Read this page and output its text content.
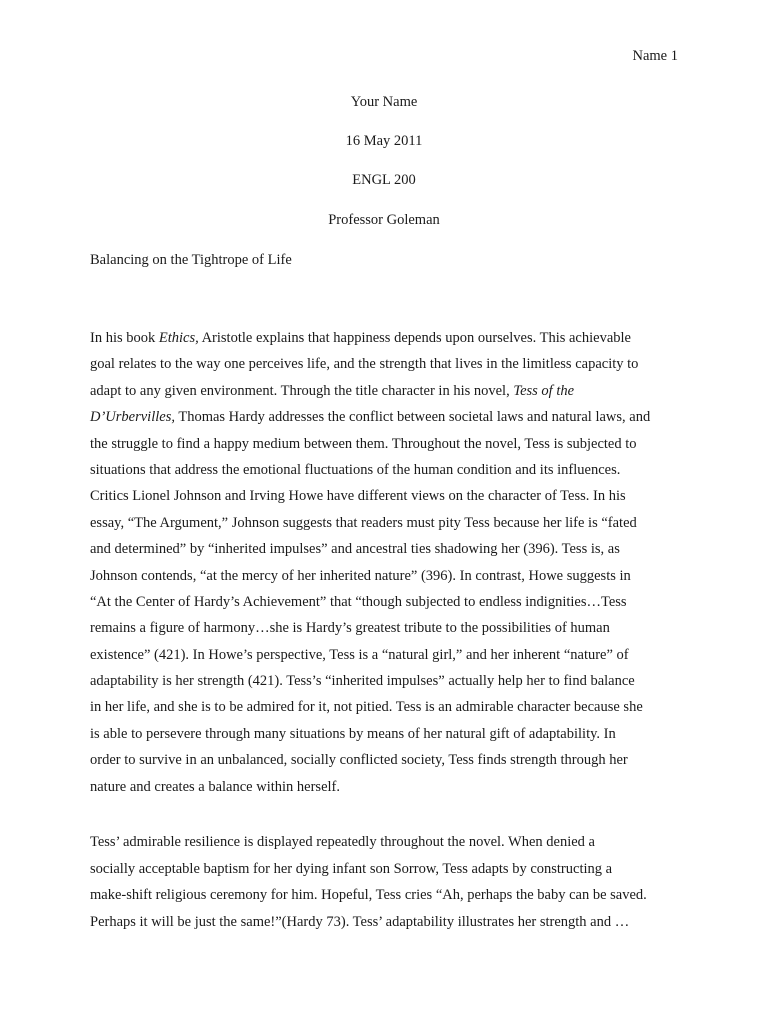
Name 1
Your Name
16 May 2011
ENGL 200
Professor Goleman
Balancing on the Tightrope of Life
In his book Ethics, Aristotle explains that happiness depends upon ourselves. This achievable
goal relates to the way one perceives life, and the strength that lives in the limitless capacity to
adapt to any given environment. Through the title character in his novel, Tess of the
D’Urbervilles, Thomas Hardy addresses the conflict between societal laws and natural laws, and
the struggle to find a happy medium between them. Throughout the novel, Tess is subjected to
situations that address the emotional fluctuations of the human condition and its influences.
Critics Lionel Johnson and Irving Howe have different views on the character of Tess. In his
essay, “The Argument,” Johnson suggests that readers must pity Tess because her life is “fated
and determined” by “inherited impulses” and ancestral ties shadowing her (396). Tess is, as
Johnson contends, “at the mercy of her inherited nature” (396). In contrast, Howe suggests in
“At the Center of Hardy’s Achievement” that “though subjected to endless indignities…Tess
remains a figure of harmony…she is Hardy’s greatest tribute to the possibilities of human
existence” (421). In Howe’s perspective, Tess is a “natural girl,” and her inherent “nature” of
adaptability is her strength (421). Tess’s “inherited impulses” actually help her to find balance
in her life, and she is to be admired for it, not pitied. Tess is an admirable character because she
is able to persevere through many situations by means of her natural gift of adaptability. In
order to survive in an unbalanced, socially conflicted society, Tess finds strength through her
nature and creates a balance within herself.
Tess’ admirable resilience is displayed repeatedly throughout the novel. When denied a
socially acceptable baptism for her dying infant son Sorrow, Tess adapts by constructing a
make-shift religious ceremony for him. Hopeful, Tess cries “Ah, perhaps the baby can be saved.
Perhaps it will be just the same!”(Hardy 73). Tess’ adaptability illustrates her strength and …
